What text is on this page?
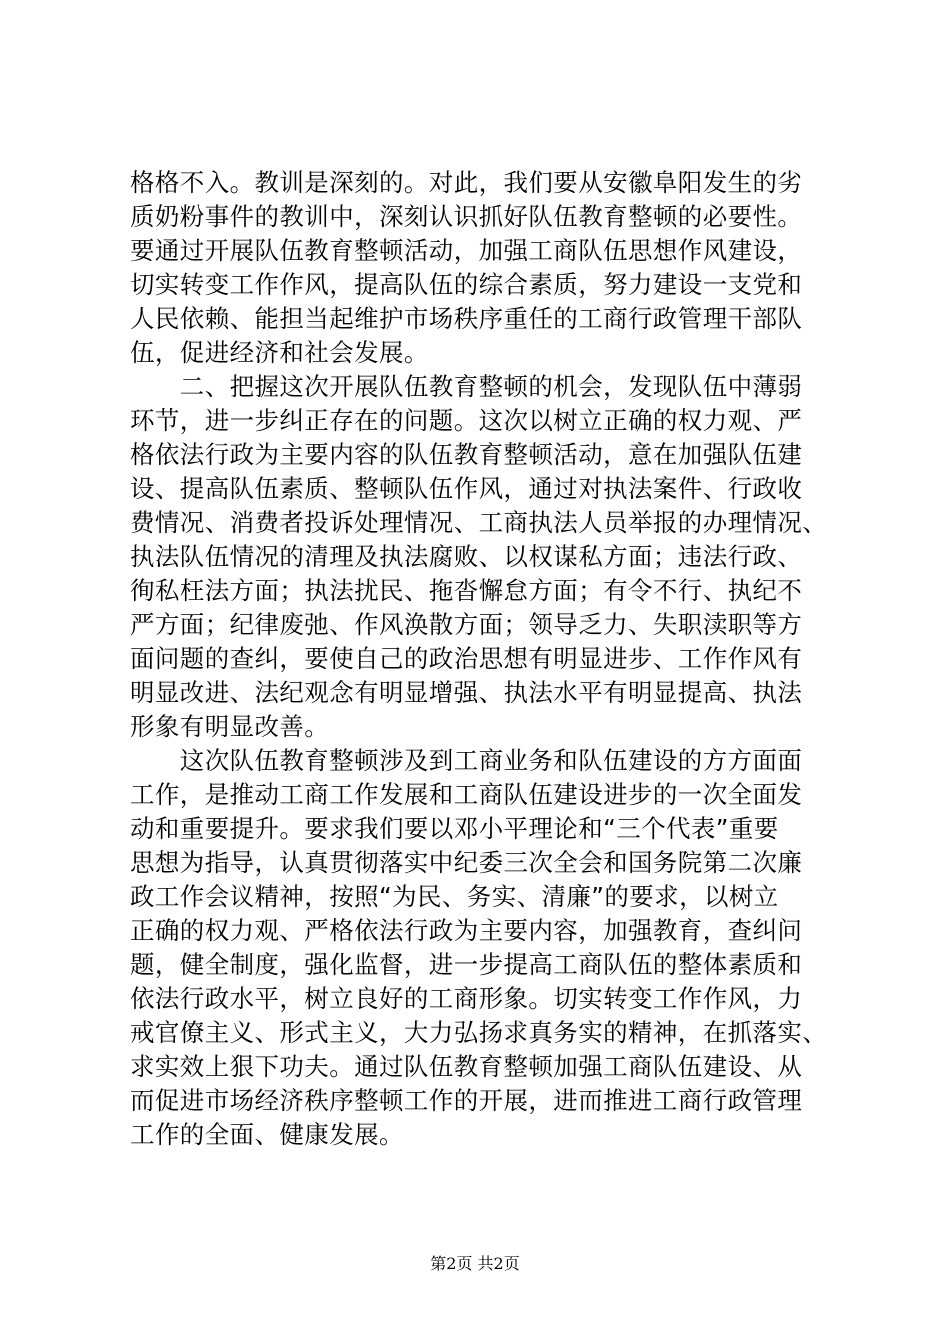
格格不入。教训是深刻的。对此，我们要从安徽阜阳发生的劣
质奶粉事件的教训中，深刻认识抓好队伍教育整顿的必要性。
要通过开展队伍教育整顿活动，加强工商队伍思想作风建设，
切实转变工作作风，提高队伍的综合素质，努力建设一支党和
人民依赖、能担当起维护市场秩序重任的工商行政管理干部队
伍，促进经济和社会发展。
　　二、把握这次开展队伍教育整顿的机会，发现队伍中薄弱
环节，进一步纠正存在的问题。这次以树立正确的权力观、严
格依法行政为主要内容的队伍教育整顿活动，意在加强队伍建
设、提高队伍素质、整顿队伍作风，通过对执法案件、行政收
费情况、消费者投诉处理情况、工商执法人员举报的办理情况、
执法队伍情况的清理及执法腐败、以权谋私方面；违法行政、
徇私枉法方面；执法扰民、拖沓懈怠方面；有令不行、执纪不
严方面；纪律废弛、作风涣散方面；领导乏力、失职渎职等方
面问题的查纠，要使自己的政治思想有明显进步、工作作风有
明显改进、法纪观念有明显增强、执法水平有明显提高、执法
形象有明显改善。
　　这次队伍教育整顿涉及到工商业务和队伍建设的方方面面
工作，是推动工商工作发展和工商队伍建设进步的一次全面发
动和重要提升。要求我们要以邓小平理论和“三个代表”重要
思想为指导，认真贯彻落实中纪委三次全会和国务院第二次廉
政工作会议精神，按照“为民、务实、清廉”的要求，以树立
正确的权力观、严格依法行政为主要内容，加强教育，查纠问
题，健全制度，强化监督，进一步提高工商队伍的整体素质和
依法行政水平，树立良好的工商形象。切实转变工作作风，力
戒官僚主义、形式主义，大力弘扬求真务实的精神，在抓落实、
求实效上狠下功夫。通过队伍教育整顿加强工商队伍建设、从
而促进市场经济秩序整顿工作的开展，进而推进工商行政管理
工作的全面、健康发展。
第2页 共2页
